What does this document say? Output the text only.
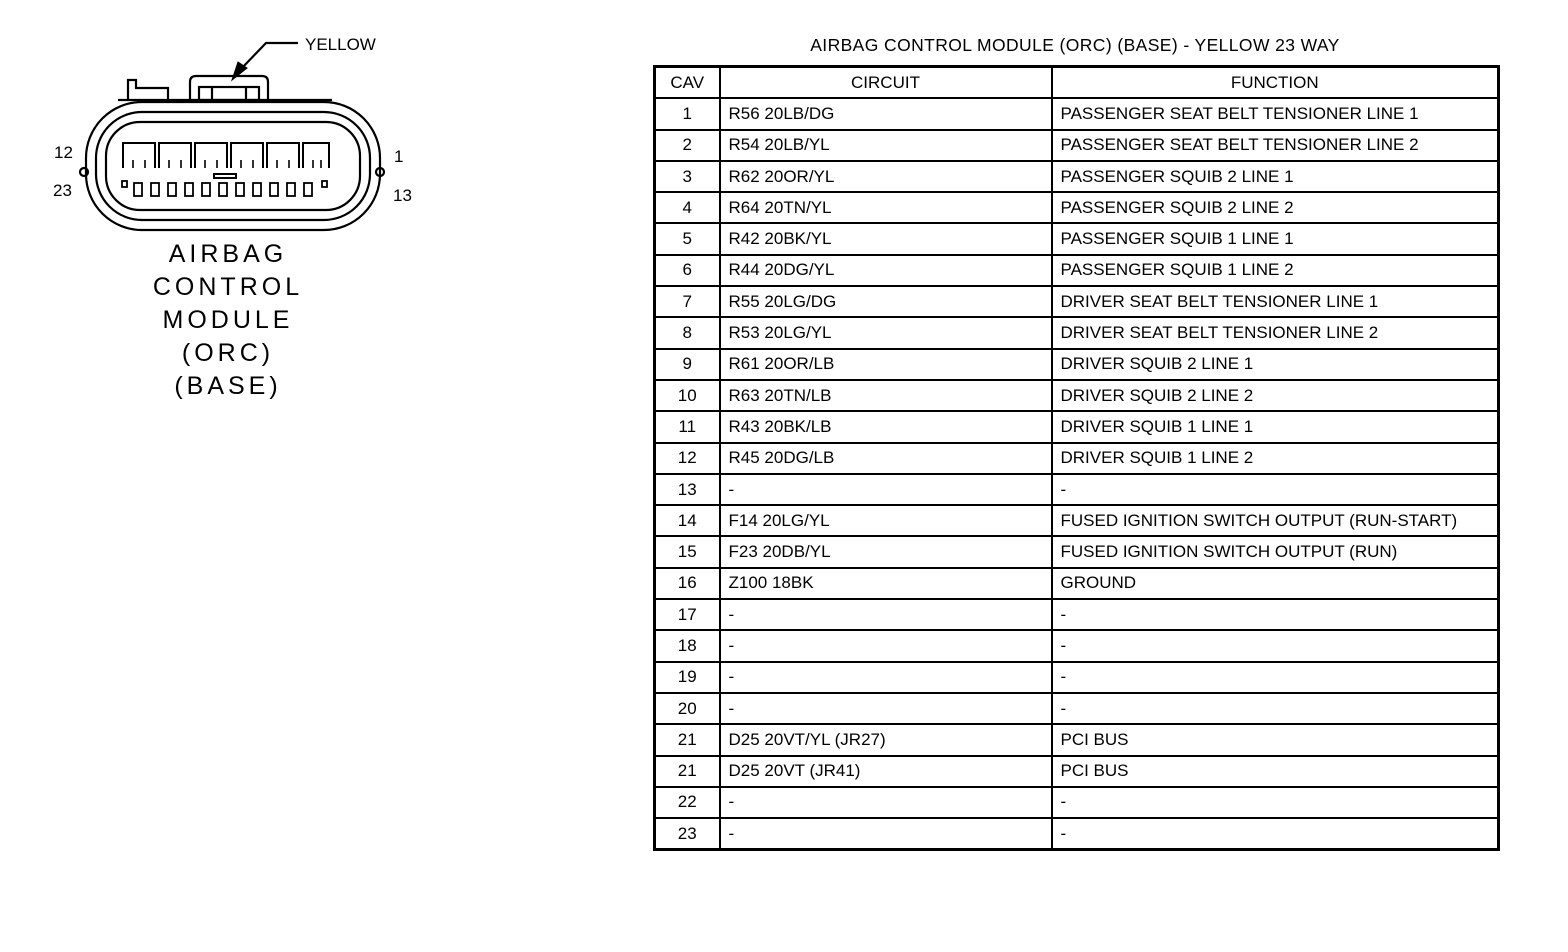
YELLOW
12
23
1
13
AIRBAG
CONTROL
MODULE
(ORC)
(BASE)
AIRBAG CONTROL MODULE (ORC) (BASE) - YELLOW 23 WAY
CAV	CIRCUIT	FUNCTION
1	R56 20LB/DG	PASSENGER SEAT BELT TENSIONER LINE 1
2	R54 20LB/YL	PASSENGER SEAT BELT TENSIONER LINE 2
3	R62 20OR/YL	PASSENGER SQUIB 2 LINE 1
4	R64 20TN/YL	PASSENGER SQUIB 2 LINE 2
5	R42 20BK/YL	PASSENGER SQUIB 1 LINE 1
6	R44 20DG/YL	PASSENGER SQUIB 1 LINE 2
7	R55 20LG/DG	DRIVER SEAT BELT TENSIONER LINE 1
8	R53 20LG/YL	DRIVER SEAT BELT TENSIONER LINE 2
9	R61 20OR/LB	DRIVER SQUIB 2 LINE 1
10	R63 20TN/LB	DRIVER SQUIB 2 LINE 2
11	R43 20BK/LB	DRIVER SQUIB 1 LINE 1
12	R45 20DG/LB	DRIVER SQUIB 1 LINE 2
13	-	-
14	F14 20LG/YL	FUSED IGNITION SWITCH OUTPUT (RUN-START)
15	F23 20DB/YL	FUSED IGNITION SWITCH OUTPUT (RUN)
16	Z100 18BK	GROUND
17	-	-
18	-	-
19	-	-
20	-	-
21	D25 20VT/YL (JR27)	PCI BUS
21	D25 20VT (JR41)	PCI BUS
22	-	-
23	-	-
